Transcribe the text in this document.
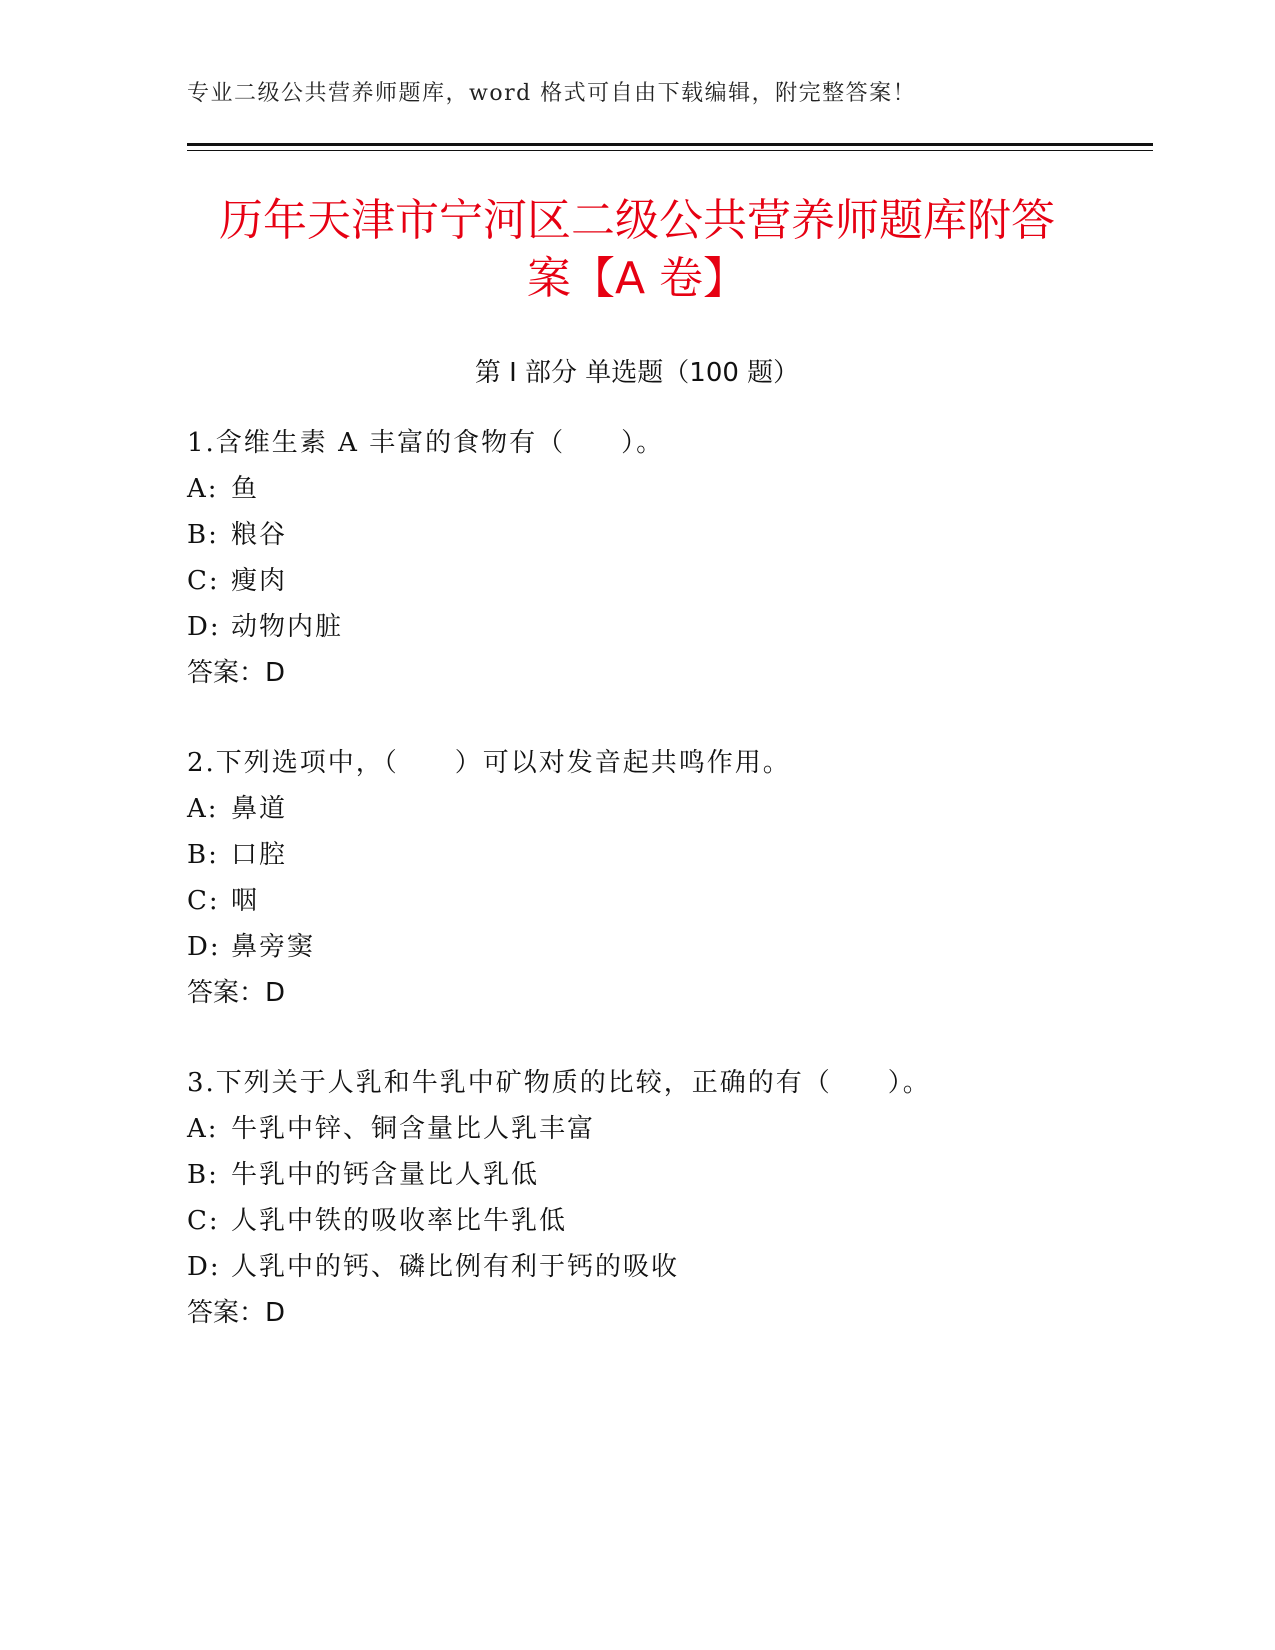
专业二级公共营养师题库，word 格式可自由下载编辑，附完整答案！
历年天津市宁河区二级公共营养师题库附答
案【A 卷】
第 I 部分 单选题（100 题）
1.含维生素 A 丰富的食物有（　　）。
A: 鱼
B: 粮谷
C: 瘦肉
D: 动物内脏
答案：D
2.下列选项中，（　　）可以对发音起共鸣作用。
A: 鼻道
B: 口腔
C: 咽
D: 鼻旁窦
答案：D
3.下列关于人乳和牛乳中矿物质的比较，正确的有（　　）。
A: 牛乳中锌、铜含量比人乳丰富
B: 牛乳中的钙含量比人乳低
C: 人乳中铁的吸收率比牛乳低
D: 人乳中的钙、磷比例有利于钙的吸收
答案：D
